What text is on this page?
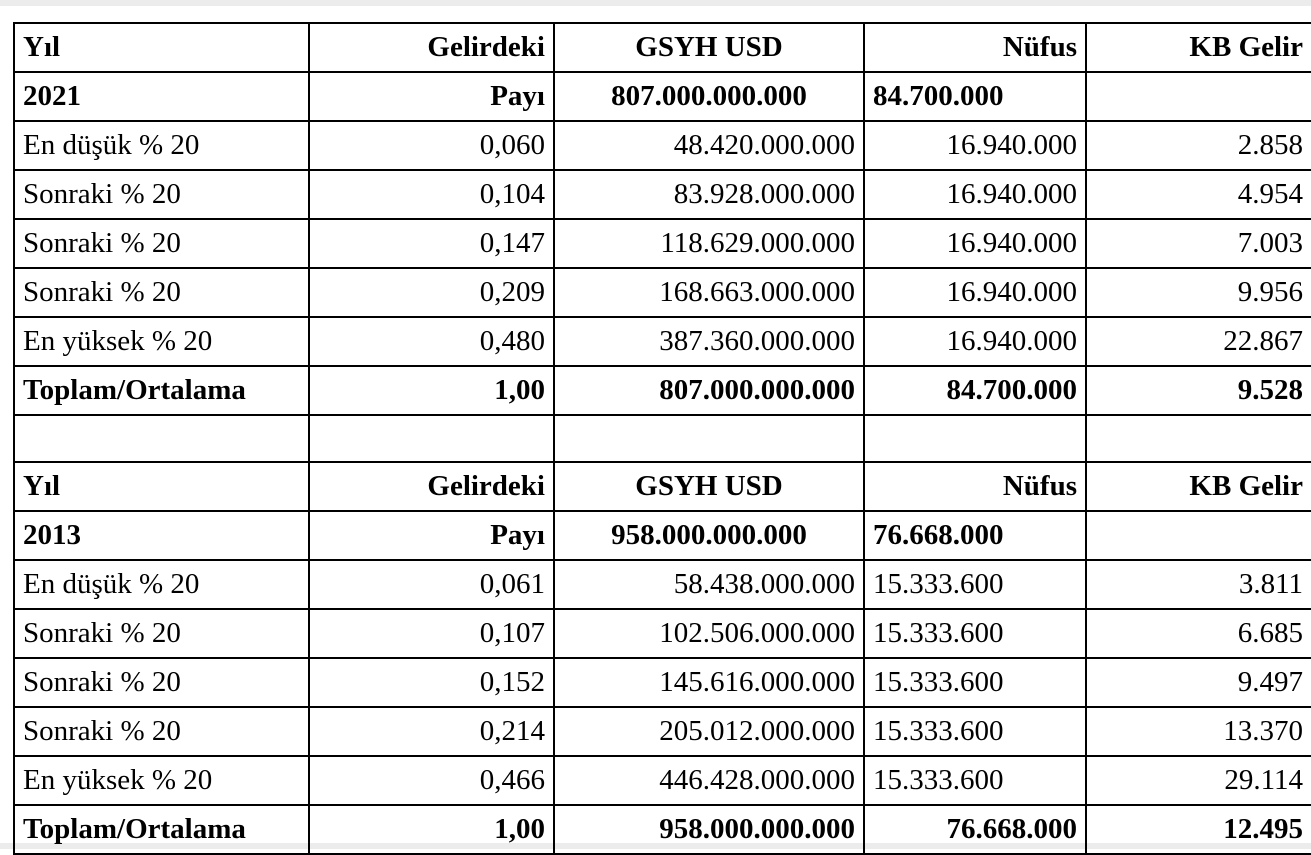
Yıl	Gelirdeki	GSYH USD	Nüfus	KB Gelir
2021	Payı	807.000.000.000	84.700.000	
En düşük % 20	0,060	48.420.000.000	16.940.000	2.858
Sonraki % 20	0,104	83.928.000.000	16.940.000	4.954
Sonraki % 20	0,147	118.629.000.000	16.940.000	7.003
Sonraki % 20	0,209	168.663.000.000	16.940.000	9.956
En yüksek % 20	0,480	387.360.000.000	16.940.000	22.867
Toplam/Ortalama	1,00	807.000.000.000	84.700.000	9.528

Yıl	Gelirdeki	GSYH USD	Nüfus	KB Gelir
2013	Payı	958.000.000.000	76.668.000	
En düşük % 20	0,061	58.438.000.000	15.333.600	3.811
Sonraki % 20	0,107	102.506.000.000	15.333.600	6.685
Sonraki % 20	0,152	145.616.000.000	15.333.600	9.497
Sonraki % 20	0,214	205.012.000.000	15.333.600	13.370
En yüksek % 20	0,466	446.428.000.000	15.333.600	29.114
Toplam/Ortalama	1,00	958.000.000.000	76.668.000	12.495
